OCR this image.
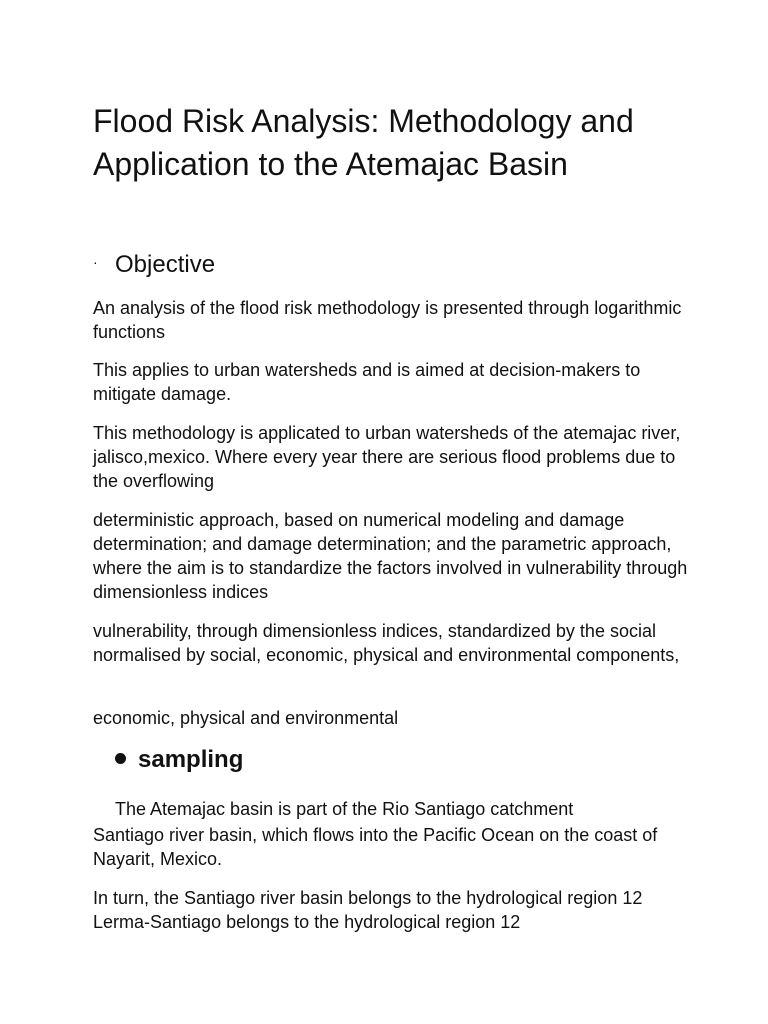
Flood Risk Analysis: Methodology and Application to the Atemajac Basin
· Objective

An analysis of the flood risk methodology is presented through logarithmic functions

This applies to urban watersheds and is aimed at decision-makers to mitigate damage.

This methodology is applicated to urban watersheds of the atemajac river, jalisco,mexico. Where every year there are serious flood problems due to the overflowing

deterministic approach, based on numerical modeling and damage determination; and damage determination; and the parametric approach, where the aim is to standardize the factors involved in vulnerability through dimensionless indices

vulnerability, through dimensionless indices, standardized by the social normalised by social, economic, physical and environmental components,

economic, physical and environmental

sampling

The Atemajac basin is part of the Rio Santiago catchment

Santiago river basin, which flows into the Pacific Ocean on the coast of Nayarit, Mexico.

In turn, the Santiago river basin belongs to the hydrological region 12 Lerma-Santiago belongs to the hydrological region 12
